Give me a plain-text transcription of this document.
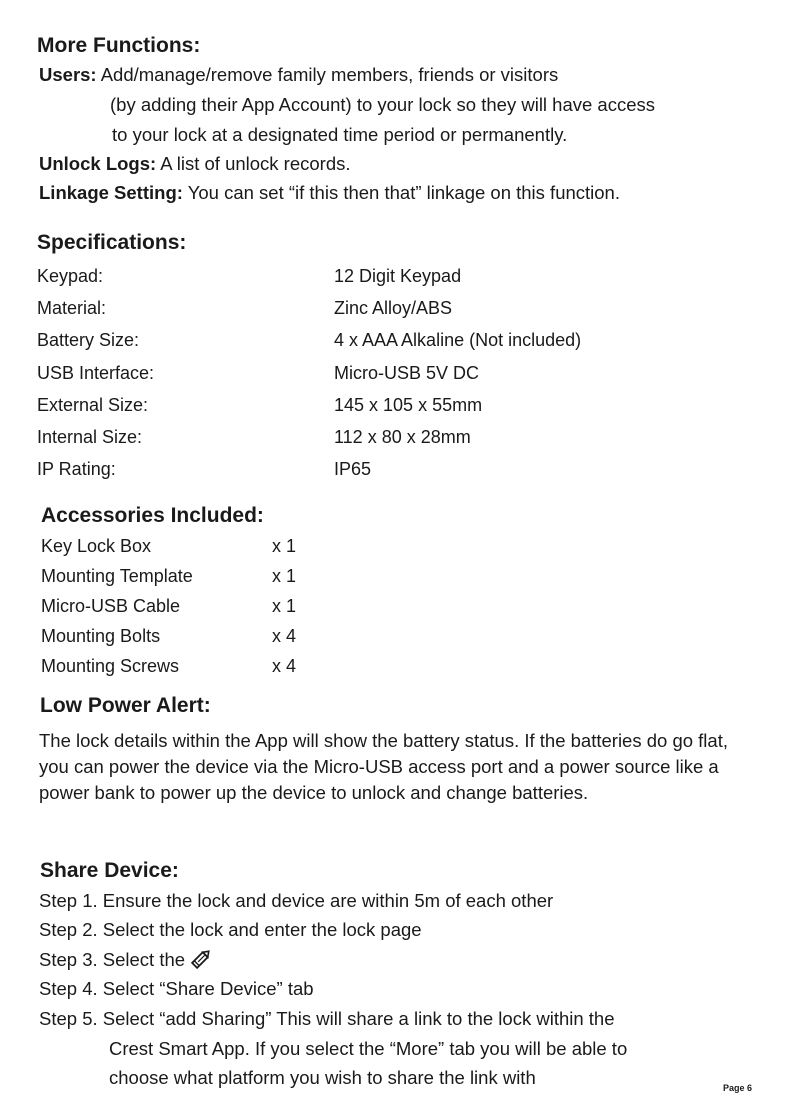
More Functions:
Users: Add/manage/remove family members, friends or visitors
(by adding their App Account) to your lock so they will have access
to your lock at a designated time period or permanently.
Unlock Logs: A list of unlock records.
Linkage Setting: You can set “if this then that” linkage on this function.
Specifications:
Keypad:	12 Digit Keypad
Material:	Zinc Alloy/ABS
Battery Size:	4 x AAA Alkaline (Not included)
USB Interface:	Micro-USB 5V DC
External Size:	145 x 105 x 55mm
Internal Size:	112 x 80 x 28mm
IP Rating:	IP65
Accessories Included:
Key Lock Box	x 1
Mounting Template	x 1
Micro-USB Cable	x 1
Mounting Bolts	x 4
Mounting Screws	x 4
Low Power Alert:

The lock details within the App will show the battery status. If the batteries do go flat, you can power the device via the Micro-USB access port and a power source like a power bank to power up the device to unlock and change batteries.

Share Device:
Step 1. Ensure the lock and device are within 5m of each other
Step 2. Select the lock and enter the lock page
Step 3. Select the
Step 4. Select “Share Device” tab
Step 5. Select “add Sharing” This will share a link to the lock within the
Crest Smart App. If you select the “More” tab you will be able to
choose what platform you wish to share the link with	Page 6
